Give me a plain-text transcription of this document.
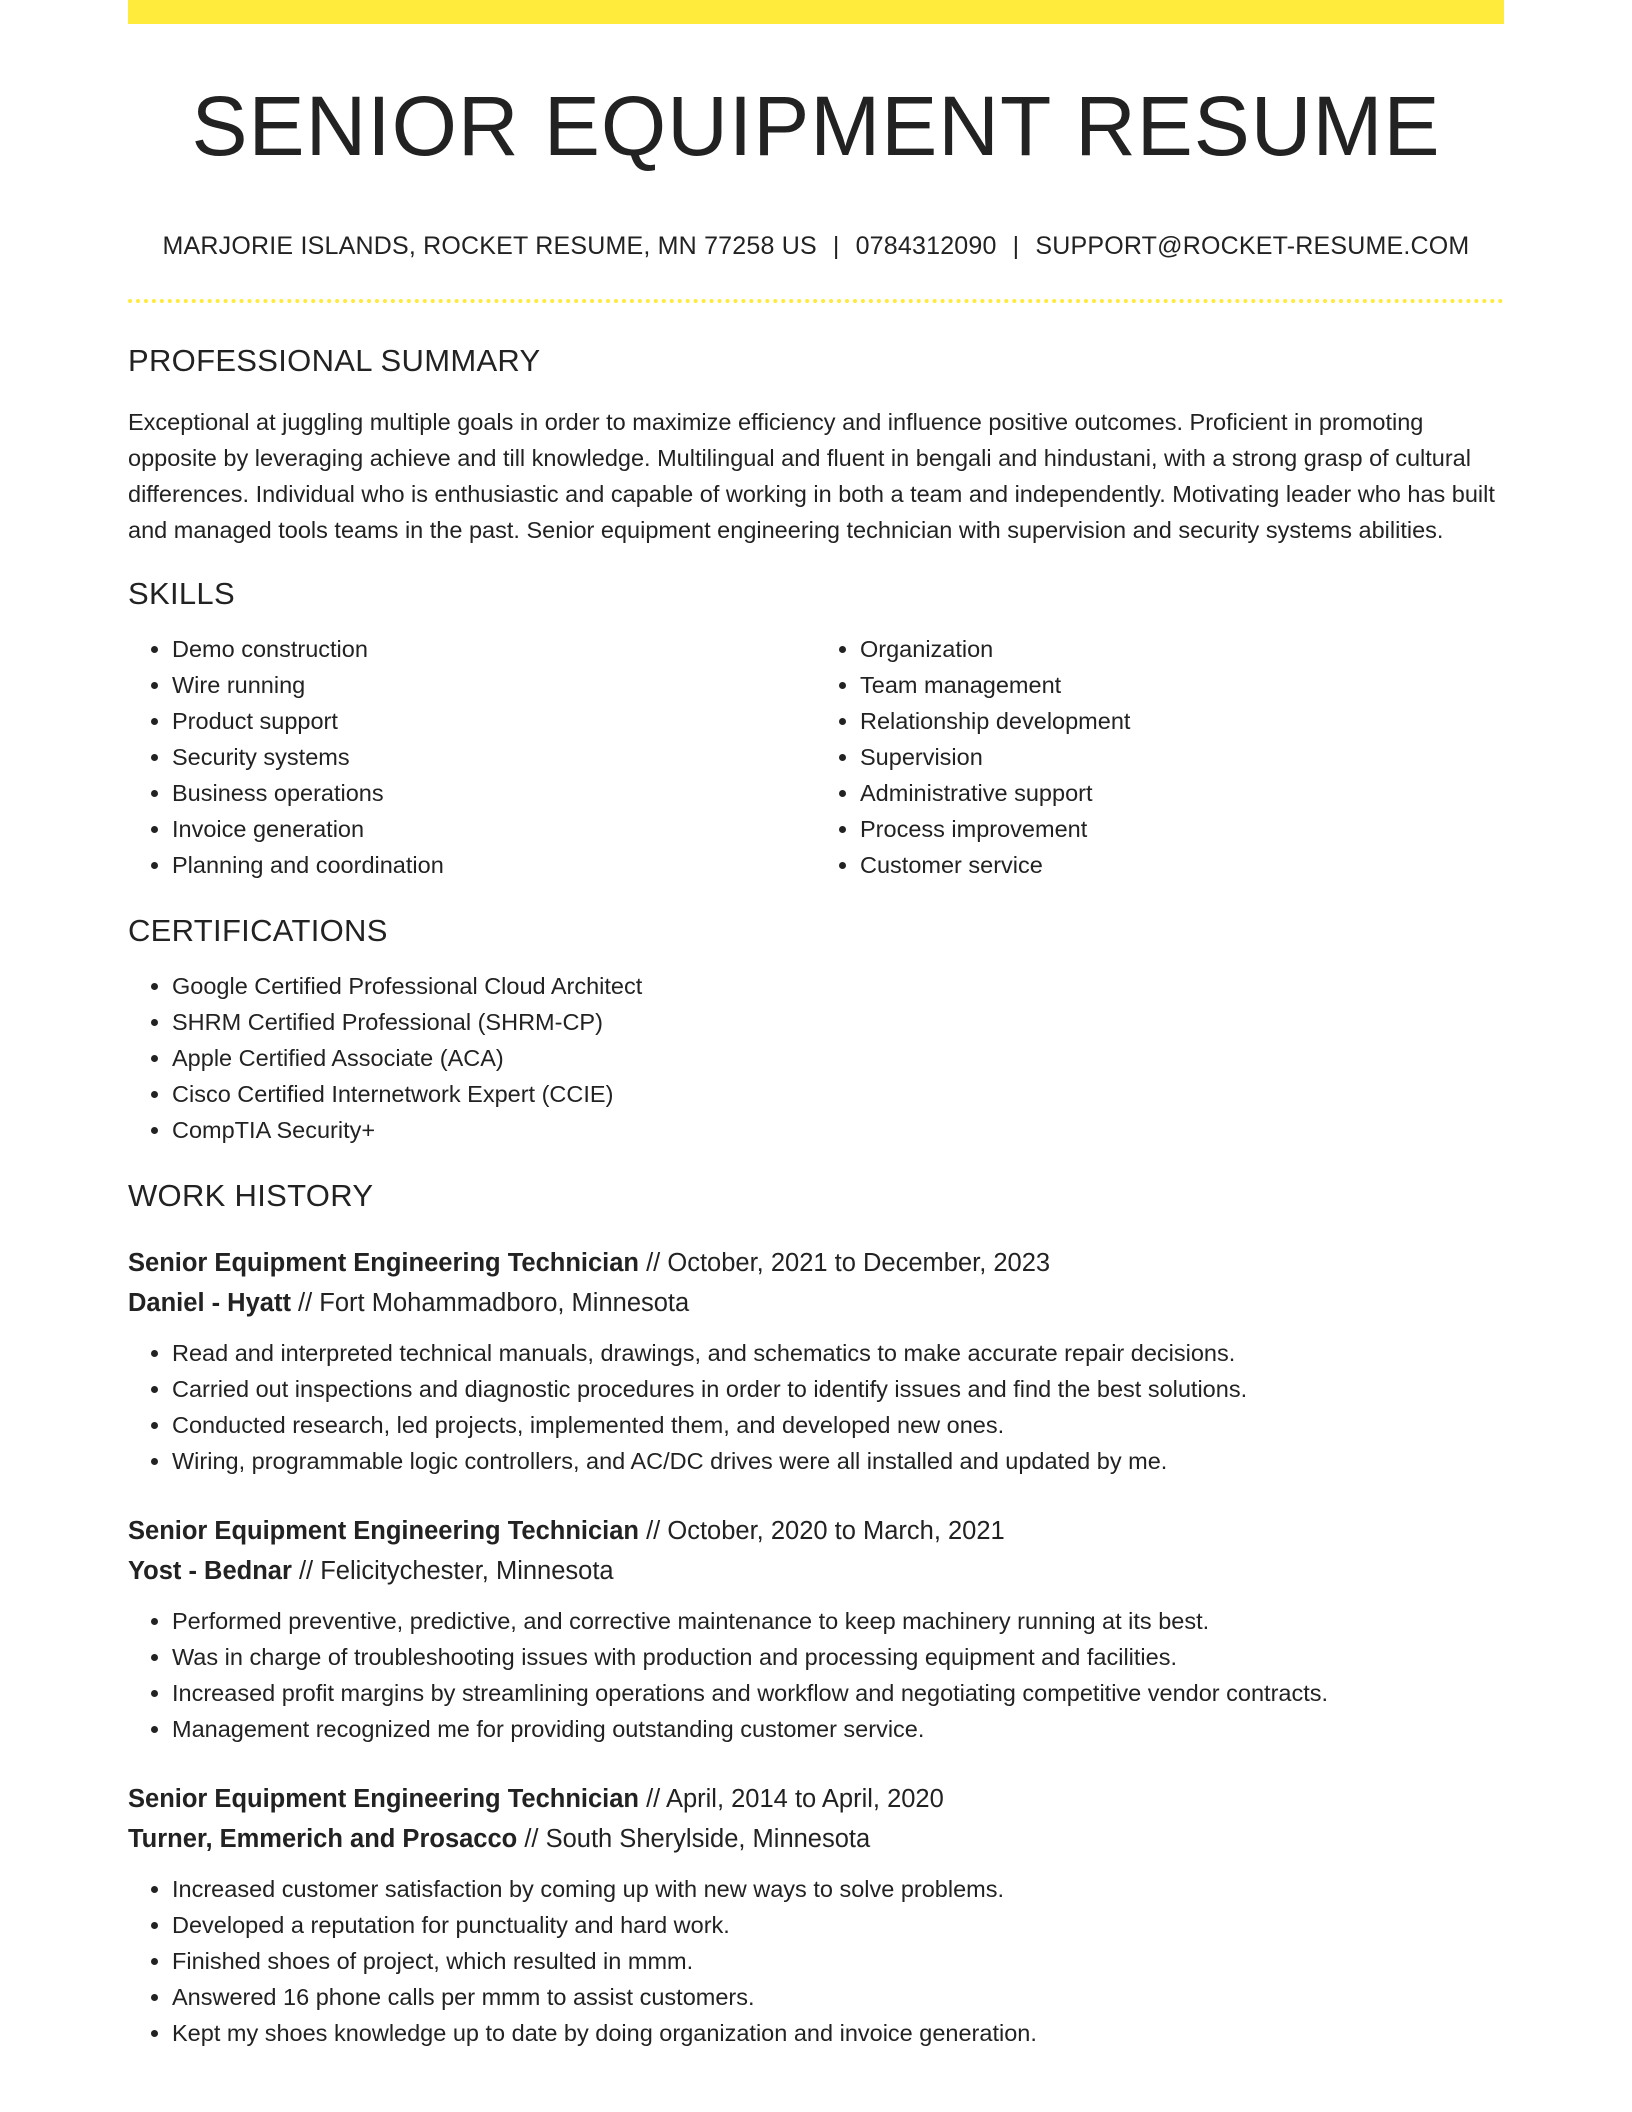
SENIOR EQUIPMENT RESUME
MARJORIE ISLANDS, ROCKET RESUME, MN 77258 US | 0784312090 | SUPPORT@ROCKET-RESUME.COM
PROFESSIONAL SUMMARY

Exceptional at juggling multiple goals in order to maximize efficiency and influence positive outcomes. Proficient in promoting opposite by leveraging achieve and till knowledge. Multilingual and fluent in bengali and hindustani, with a strong grasp of cultural differences. Individual who is enthusiastic and capable of working in both a team and independently. Motivating leader who has built and managed tools teams in the past. Senior equipment engineering technician with supervision and security systems abilities.

SKILLS
• Demo construction
• Wire running
• Product support
• Security systems
• Business operations
• Invoice generation
• Planning and coordination
• Organization
• Team management
• Relationship development
• Supervision
• Administrative support
• Process improvement
• Customer service
CERTIFICATIONS
• Google Certified Professional Cloud Architect
• SHRM Certified Professional (SHRM-CP)
• Apple Certified Associate (ACA)
• Cisco Certified Internetwork Expert (CCIE)
• CompTIA Security+
WORK HISTORY
Senior Equipment Engineering Technician // October, 2021 to December, 2023
Daniel - Hyatt // Fort Mohammadboro, Minnesota
• Read and interpreted technical manuals, drawings, and schematics to make accurate repair decisions.
• Carried out inspections and diagnostic procedures in order to identify issues and find the best solutions.
• Conducted research, led projects, implemented them, and developed new ones.
• Wiring, programmable logic controllers, and AC/DC drives were all installed and updated by me.
Senior Equipment Engineering Technician // October, 2020 to March, 2021
Yost - Bednar // Felicitychester, Minnesota
• Performed preventive, predictive, and corrective maintenance to keep machinery running at its best.
• Was in charge of troubleshooting issues with production and processing equipment and facilities.
• Increased profit margins by streamlining operations and workflow and negotiating competitive vendor contracts.
• Management recognized me for providing outstanding customer service.
Senior Equipment Engineering Technician // April, 2014 to April, 2020
Turner, Emmerich and Prosacco // South Sherylside, Minnesota
• Increased customer satisfaction by coming up with new ways to solve problems.
• Developed a reputation for punctuality and hard work.
• Finished shoes of project, which resulted in mmm.
• Answered 16 phone calls per mmm to assist customers.
• Kept my shoes knowledge up to date by doing organization and invoice generation.
